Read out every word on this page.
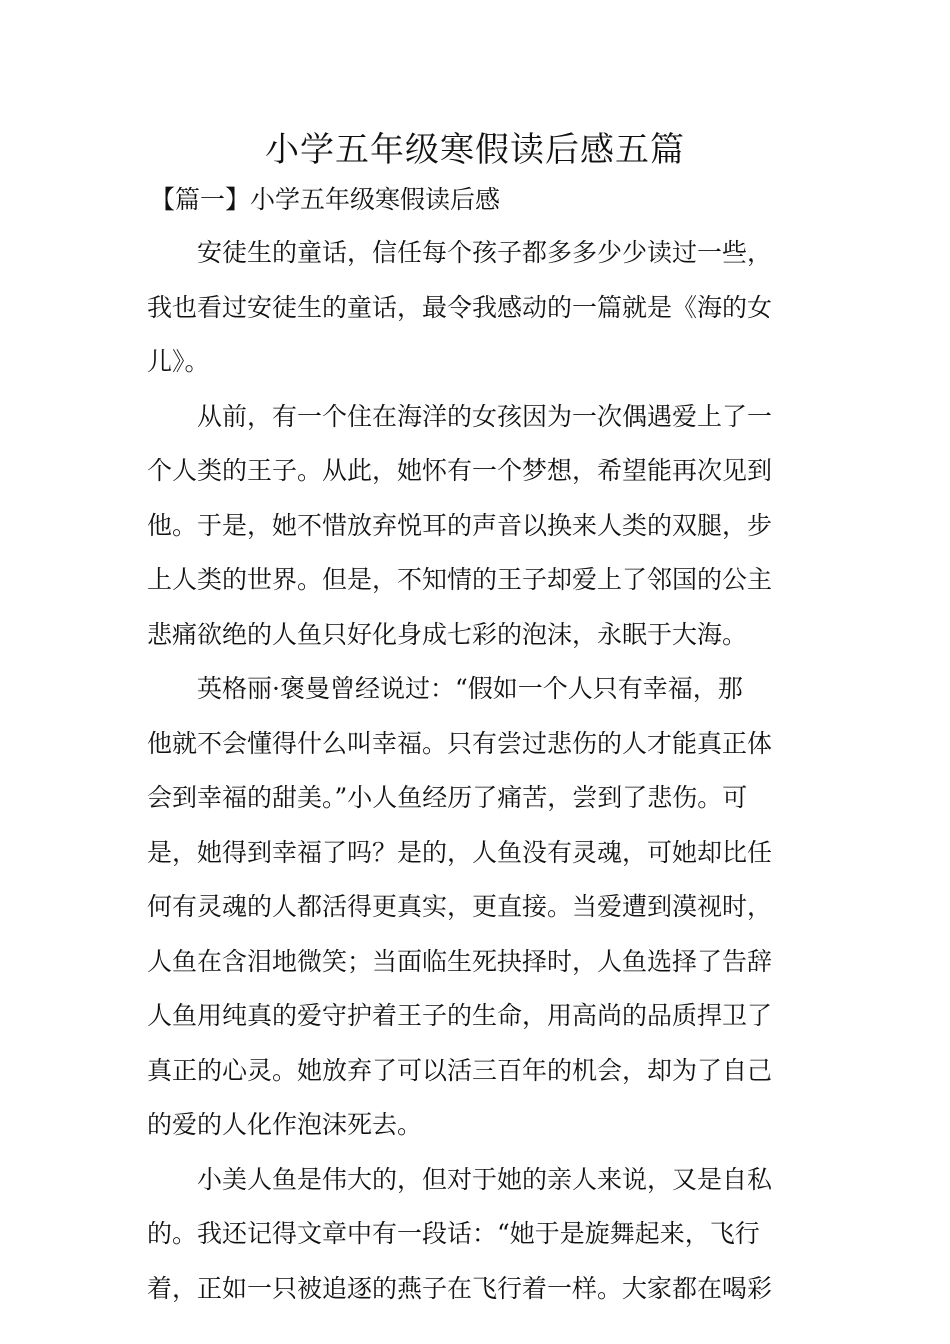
小学五年级寒假读后感五篇
【篇一】小学五年级寒假读后感
安徒生的童话，信任每个孩子都多多少少读过一些，
我也看过安徒生的童话，最令我感动的一篇就是《海的女
儿》。
从前，有一个住在海洋的女孩因为一次偶遇爱上了一
个人类的王子。从此，她怀有一个梦想，希望能再次见到
他。于是，她不惜放弃悦耳的声音以换来人类的双腿，步
上人类的世界。但是，不知情的王子却爱上了邻国的公主
悲痛欲绝的人鱼只好化身成七彩的泡沫，永眠于大海。
英格丽·褒曼曾经说过：“假如一个人只有幸福，那
他就不会懂得什么叫幸福。只有尝过悲伤的人才能真正体
会到幸福的甜美。”小人鱼经历了痛苦，尝到了悲伤。可
是，她得到幸福了吗？是的，人鱼没有灵魂，可她却比任
何有灵魂的人都活得更真实，更直接。当爱遭到漠视时，
人鱼在含泪地微笑；当面临生死抉择时，人鱼选择了告辞
人鱼用纯真的爱守护着王子的生命，用高尚的品质捍卫了
真正的心灵。她放弃了可以活三百年的机会，却为了自己
的爱的人化作泡沫死去。
小美人鱼是伟大的，但对于她的亲人来说，又是自私
的。我还记得文章中有一段话：“她于是旋舞起来，飞行
着，正如一只被追逐的燕子在飞行着一样。大家都在喝彩
